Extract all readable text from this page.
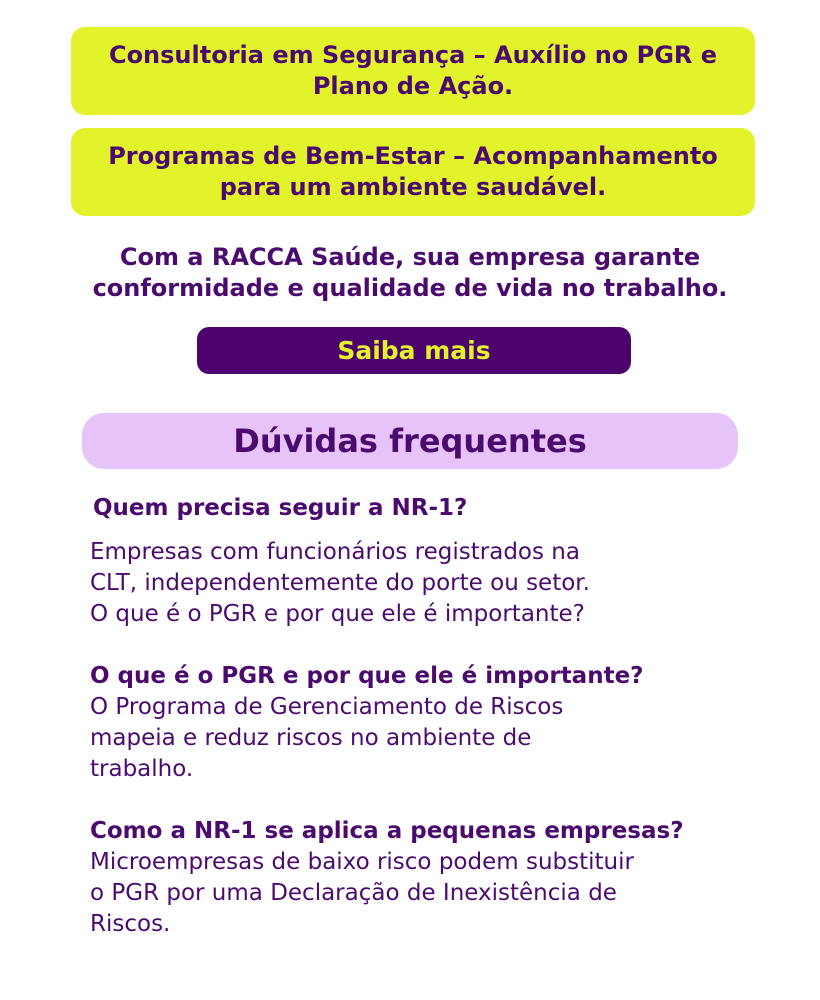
Consultoria em Segurança – Auxílio no PGR e
Plano de Ação.
Programas de Bem-Estar – Acompanhamento
para um ambiente saudável.
Com a RACCA Saúde, sua empresa garante
conformidade e qualidade de vida no trabalho.
Saiba mais
Dúvidas frequentes
Quem precisa seguir a NR-1?
Empresas com funcionários registrados na
CLT, independentemente do porte ou setor.
O que é o PGR e por que ele é importante?
O que é o PGR e por que ele é importante?
O Programa de Gerenciamento de Riscos
mapeia e reduz riscos no ambiente de
trabalho.
Como a NR-1 se aplica a pequenas empresas?
Microempresas de baixo risco podem substituir
o PGR por uma Declaração de Inexistência de
Riscos.
